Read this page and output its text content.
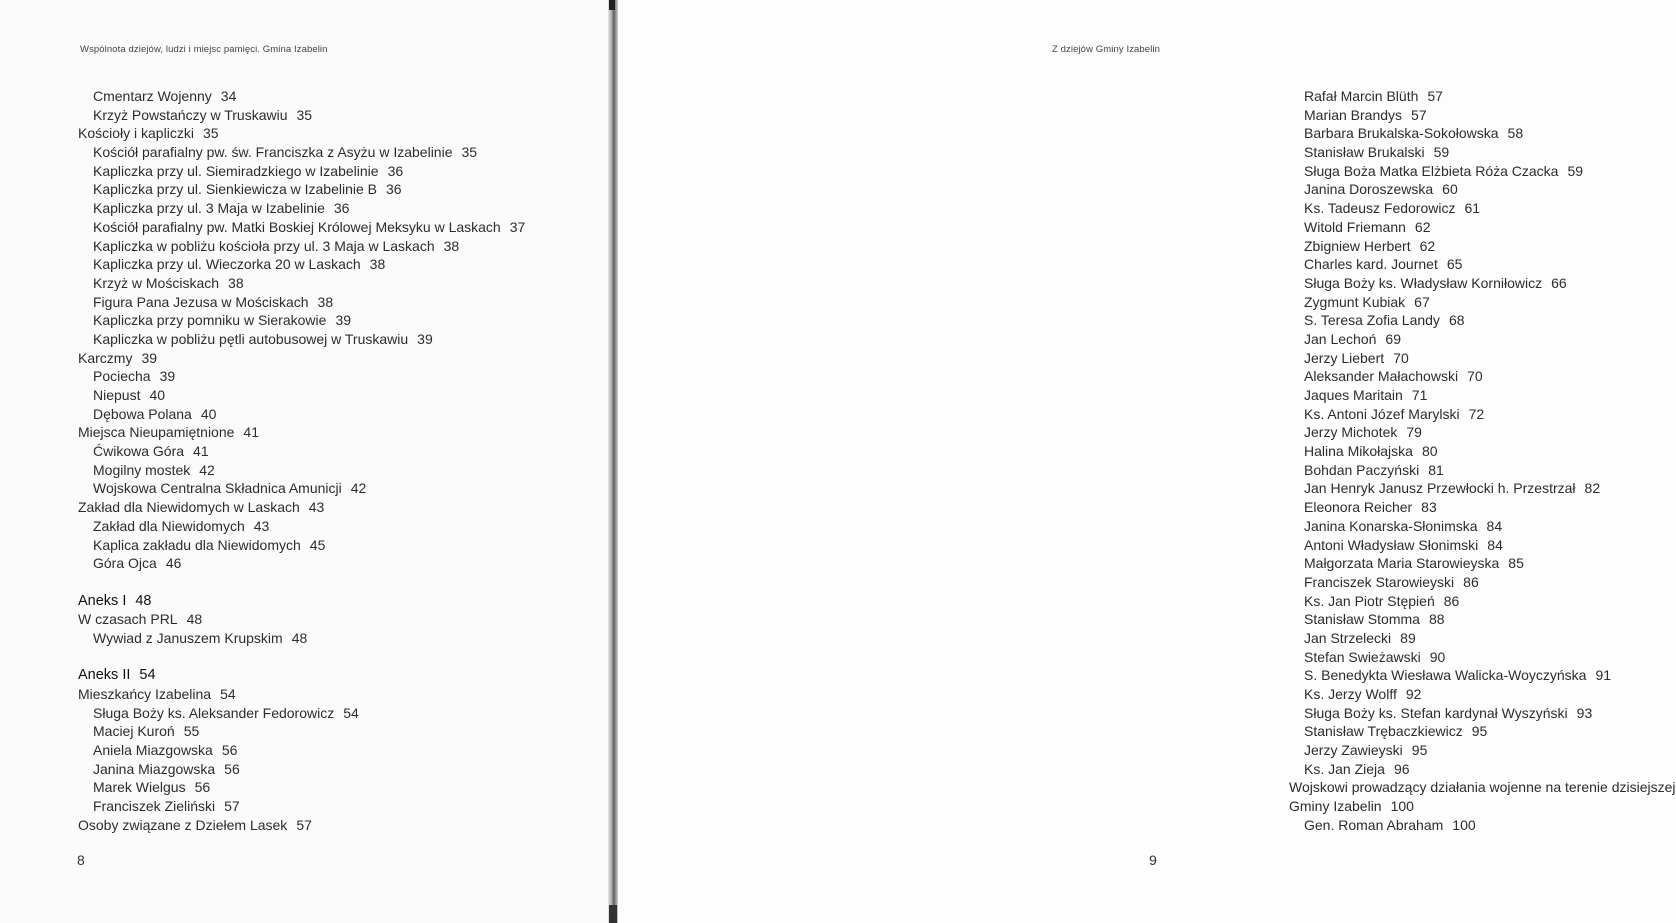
Wspólnota dziejów, ludzi i miejsc pamięci. Gmina Izabelin
Cmentarz Wojenny 34
Krzyż Powstańczy w Truskawiu 35
Kościoły i kapliczki 35
Kościół parafialny pw. św. Franciszka z Asyżu w Izabelinie 35
Kapliczka przy ul. Siemiradzkiego w Izabelinie 36
Kapliczka przy ul. Sienkiewicza w Izabelinie B 36
Kapliczka przy ul. 3 Maja w Izabelinie 36
Kościół parafialny pw. Matki Boskiej Królowej Meksyku w Laskach 37
Kapliczka w pobliżu kościoła przy ul. 3 Maja w Laskach 38
Kapliczka przy ul. Wieczorka 20 w Laskach 38
Krzyż w Mościskach 38
Figura Pana Jezusa w Mościskach 38
Kapliczka przy pomniku w Sierakowie 39
Kapliczka w pobliżu pętli autobusowej w Truskawiu 39
Karczmy 39
Pociecha 39
Niepust 40
Dębowa Polana 40
Miejsca Nieupamiętnione 41
Ćwikowa Góra 41
Mogilny mostek 42
Wojskowa Centralna Składnica Amunicji 42
Zakład dla Niewidomych w Laskach 43
Zakład dla Niewidomych 43
Kaplica zakładu dla Niewidomych 45
Góra Ojca 46
Aneks I 48
W czasach PRL 48
Wywiad z Januszem Krupskim 48
Aneks II 54
Mieszkańcy Izabelina 54
Sługa Boży ks. Aleksander Fedorowicz 54
Maciej Kuroń 55
Aniela Miazgowska 56
Janina Miazgowska 56
Marek Wielgus 56
Franciszek Zieliński 57
Osoby związane z Dziełem Lasek 57
8
Z dziejów Gminy Izabelin
Rafał Marcin Blüth 57
Marian Brandys 57
Barbara Brukalska-Sokołowska 58
Stanisław Brukalski 59
Sługa Boża Matka Elżbieta Róża Czacka 59
Janina Doroszewska 60
Ks. Tadeusz Fedorowicz 61
Witold Friemann 62
Zbigniew Herbert 62
Charles kard. Journet 65
Sługa Boży ks. Władysław Korniłowicz 66
Zygmunt Kubiak 67
S. Teresa Zofia Landy 68
Jan Lechoń 69
Jerzy Liebert 70
Aleksander Małachowski 70
Jaques Maritain 71
Ks. Antoni Józef Marylski 72
Jerzy Michotek 79
Halina Mikołajska 80
Bohdan Paczyński 81
Jan Henryk Janusz Przewłocki h. Przestrzał 82
Eleonora Reicher 83
Janina Konarska-Słonimska 84
Antoni Władysław Słonimski 84
Małgorzata Maria Starowieyska 85
Franciszek Starowieyski 86
Ks. Jan Piotr Stępień 86
Stanisław Stomma 88
Jan Strzelecki 89
Stefan Swieżawski 90
S. Benedykta Wiesława Walicka-Woyczyńska 91
Ks. Jerzy Wolff 92
Sługa Boży ks. Stefan kardynał Wyszyński 93
Stanisław Trębaczkiewicz 95
Jerzy Zawieyski 95
Ks. Jan Zieja 96
Wojskowi prowadzący działania wojenne na terenie dzisiejszej
Gminy Izabelin 100
Gen. Roman Abraham 100
9
